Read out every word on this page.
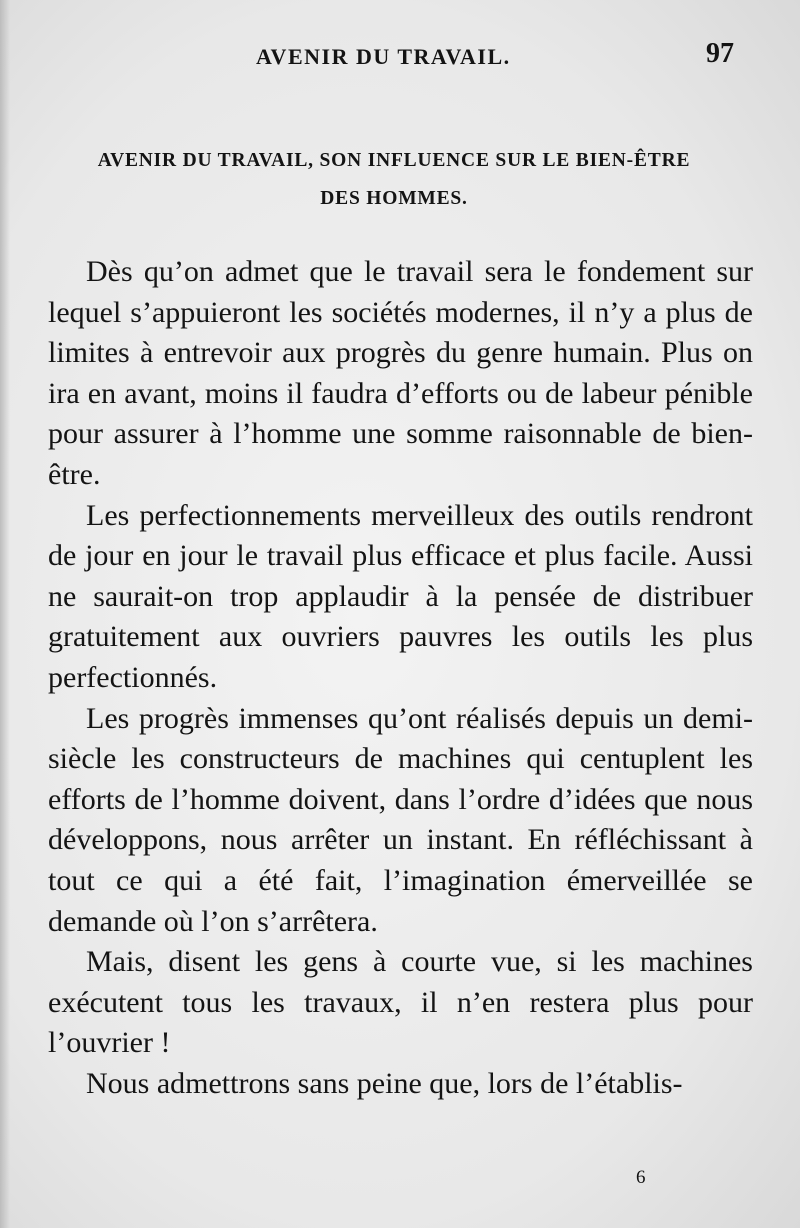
AVENIR DU TRAVAIL.	97
AVENIR DU TRAVAIL, SON INFLUENCE SUR LE BIEN-ÊTRE
DES HOMMES.

Dès qu’on admet que le travail sera le fondement sur lequel s’appuieront les sociétés modernes, il n’y a plus de limites à entrevoir aux progrès du genre humain. Plus on ira en avant, moins il faudra d’efforts ou de labeur pénible pour assurer à l’homme une somme raisonnable de bienêtre.

Les perfectionnements merveilleux des outils rendront de jour en jour le travail plus efficace et plus facile. Aussi ne saurait-on trop applaudir à la pensée de distribuer gratuitement aux ouvriers pauvres les outils les plus perfectionnés.

Les progrès immenses qu’ont réalisés depuis un demi-siècle les constructeurs de machines qui centuplent les efforts de l’homme doivent, dans l’ordre d’idées que nous développons, nous arrêter un instant. En réfléchissant à tout ce qui a été fait, l’imagination émerveillée se demande où l’on s’arrêtera.

Mais, disent les gens à courte vue, si les machines exécutent tous les travaux, il n’en restera plus pour l’ouvrier !

Nous admettrons sans peine que, lors de l’établis-

6
